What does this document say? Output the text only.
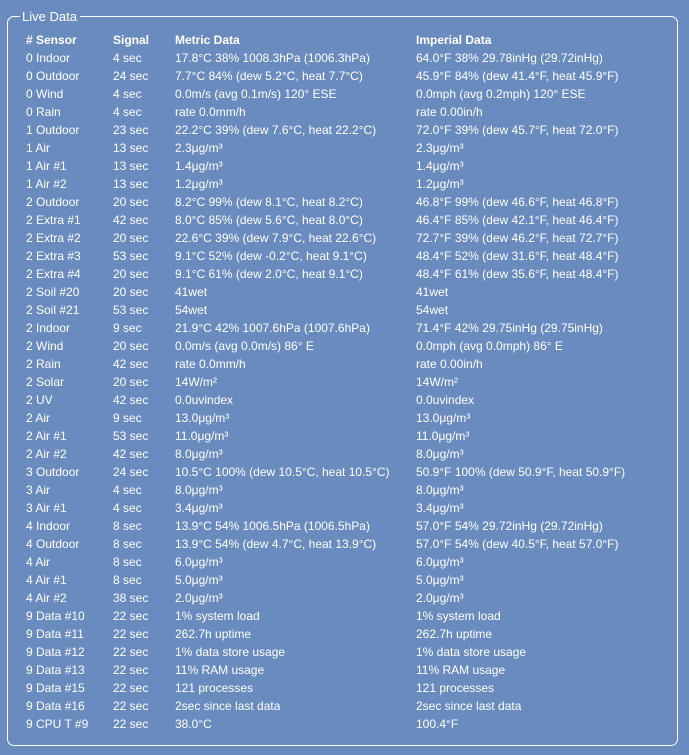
Live Data
# Sensor	Signal	Metric Data	Imperial Data
0 Indoor	4 sec	17.8°C 38% 1008.3hPa (1006.3hPa)	64.0°F 38% 29.78inHg (29.72inHg)
0 Outdoor	24 sec	7.7°C 84% (dew 5.2°C, heat 7.7°C)	45.9°F 84% (dew 41.4°F, heat 45.9°F)
0 Wind	4 sec	0.0m/s (avg 0.1m/s) 120° ESE	0.0mph (avg 0.2mph) 120° ESE
0 Rain	4 sec	rate 0.0mm/h	rate 0.00in/h
1 Outdoor	23 sec	22.2°C 39% (dew 7.6°C, heat 22.2°C)	72.0°F 39% (dew 45.7°F, heat 72.0°F)
1 Air	13 sec	2.3μg/m³	2.3μg/m³
1 Air #1	13 sec	1.4μg/m³	1.4μg/m³
1 Air #2	13 sec	1.2μg/m³	1.2μg/m³
2 Outdoor	20 sec	8.2°C 99% (dew 8.1°C, heat 8.2°C)	46.8°F 99% (dew 46.6°F, heat 46.8°F)
2 Extra #1	42 sec	8.0°C 85% (dew 5.6°C, heat 8.0°C)	46.4°F 85% (dew 42.1°F, heat 46.4°F)
2 Extra #2	20 sec	22.6°C 39% (dew 7.9°C, heat 22.6°C)	72.7°F 39% (dew 46.2°F, heat 72.7°F)
2 Extra #3	53 sec	9.1°C 52% (dew -0.2°C, heat 9.1°C)	48.4°F 52% (dew 31.6°F, heat 48.4°F)
2 Extra #4	20 sec	9.1°C 61% (dew 2.0°C, heat 9.1°C)	48.4°F 61% (dew 35.6°F, heat 48.4°F)
2 Soil #20	20 sec	41wet	41wet
2 Soil #21	53 sec	54wet	54wet
2 Indoor	9 sec	21.9°C 42% 1007.6hPa (1007.6hPa)	71.4°F 42% 29.75inHg (29.75inHg)
2 Wind	20 sec	0.0m/s (avg 0.0m/s) 86° E	0.0mph (avg 0.0mph) 86° E
2 Rain	42 sec	rate 0.0mm/h	rate 0.00in/h
2 Solar	20 sec	14W/m²	14W/m²
2 UV	42 sec	0.0uvindex	0.0uvindex
2 Air	9 sec	13.0μg/m³	13.0μg/m³
2 Air #1	53 sec	11.0μg/m³	11.0μg/m³
2 Air #2	42 sec	8.0μg/m³	8.0μg/m³
3 Outdoor	24 sec	10.5°C 100% (dew 10.5°C, heat 10.5°C)	50.9°F 100% (dew 50.9°F, heat 50.9°F)
3 Air	4 sec	8.0μg/m³	8.0μg/m³
3 Air #1	4 sec	3.4μg/m³	3.4μg/m³
4 Indoor	8 sec	13.9°C 54% 1006.5hPa (1006.5hPa)	57.0°F 54% 29.72inHg (29.72inHg)
4 Outdoor	8 sec	13.9°C 54% (dew 4.7°C, heat 13.9°C)	57.0°F 54% (dew 40.5°F, heat 57.0°F)
4 Air	8 sec	6.0μg/m³	6.0μg/m³
4 Air #1	8 sec	5.0μg/m³	5.0μg/m³
4 Air #2	38 sec	2.0μg/m³	2.0μg/m³
9 Data #10	22 sec	1% system load	1% system load
9 Data #11	22 sec	262.7h uptime	262.7h uptime
9 Data #12	22 sec	1% data store usage	1% data store usage
9 Data #13	22 sec	11% RAM usage	11% RAM usage
9 Data #15	22 sec	121 processes	121 processes
9 Data #16	22 sec	2sec since last data	2sec since last data
9 CPU T #9	22 sec	38.0°C	100.4°F
